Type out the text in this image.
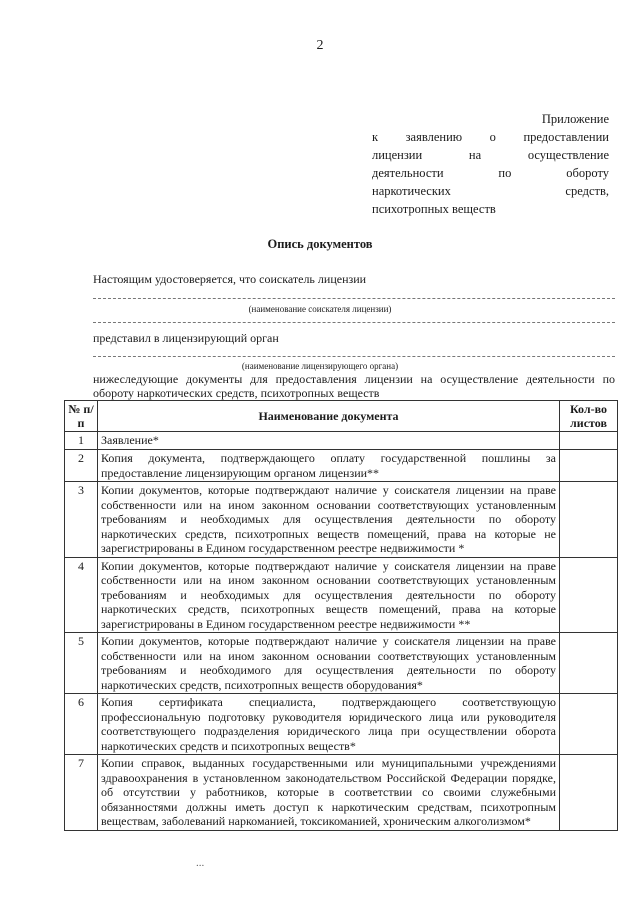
2
Приложение
к заявлению о предоставлении
лицензии на осуществление
деятельности по обороту
наркотических средств,
психотропных веществ
Опись документов
Настоящим удостоверяется, что соискатель лицензии
(наименование соискателя лицензии)
представил в лицензирующий орган
(наименование лицензирующего органа)
нижеследующие документы для предоставления лицензии на осуществление деятельности по обороту наркотических средств, психотропных веществ
№ п/п	Наименование документа	Кол-во листов
1	Заявление*	
2	Копия документа, подтверждающего оплату государственной пошлины за предоставление лицензирующим органом лицензии**	
3	Копии документов, которые подтверждают наличие у соискателя лицензии на праве собственности или на ином законном основании соответствующих установленным требованиям и необходимых для осуществления деятельности по обороту наркотических средств, психотропных веществ помещений, права на которые не зарегистрированы в Едином государственном реестре недвижимости *	
4	Копии документов, которые подтверждают наличие у соискателя лицензии на праве собственности или на ином законном основании соответствующих установленным требованиям и необходимых для осуществления деятельности по обороту наркотических средств, психотропных веществ помещений, права на которые зарегистрированы в Едином государственном реестре недвижимости **	
5	Копии документов, которые подтверждают наличие у соискателя лицензии на праве собственности или на ином законном основании соответствующих установленным требованиям и необходимого для осуществления деятельности по обороту наркотических средств, психотропных веществ оборудования*	
6	Копия сертификата специалиста, подтверждающего соответствующую профессиональную подготовку руководителя юридического лица или руководителя соответствующего подразделения юридического лица при осуществлении оборота наркотических средств и психотропных веществ*	
7	Копии справок, выданных государственными или муниципальными учреждениями здравоохранения в установленном законодательством Российской Федерации порядке, об отсутствии у работников, которые в соответствии со своими служебными обязанностями должны иметь доступ к наркотическим средствам, психотропным веществам, заболеваний наркоманией, токсикоманией, хроническим алкоголизмом*	
...
